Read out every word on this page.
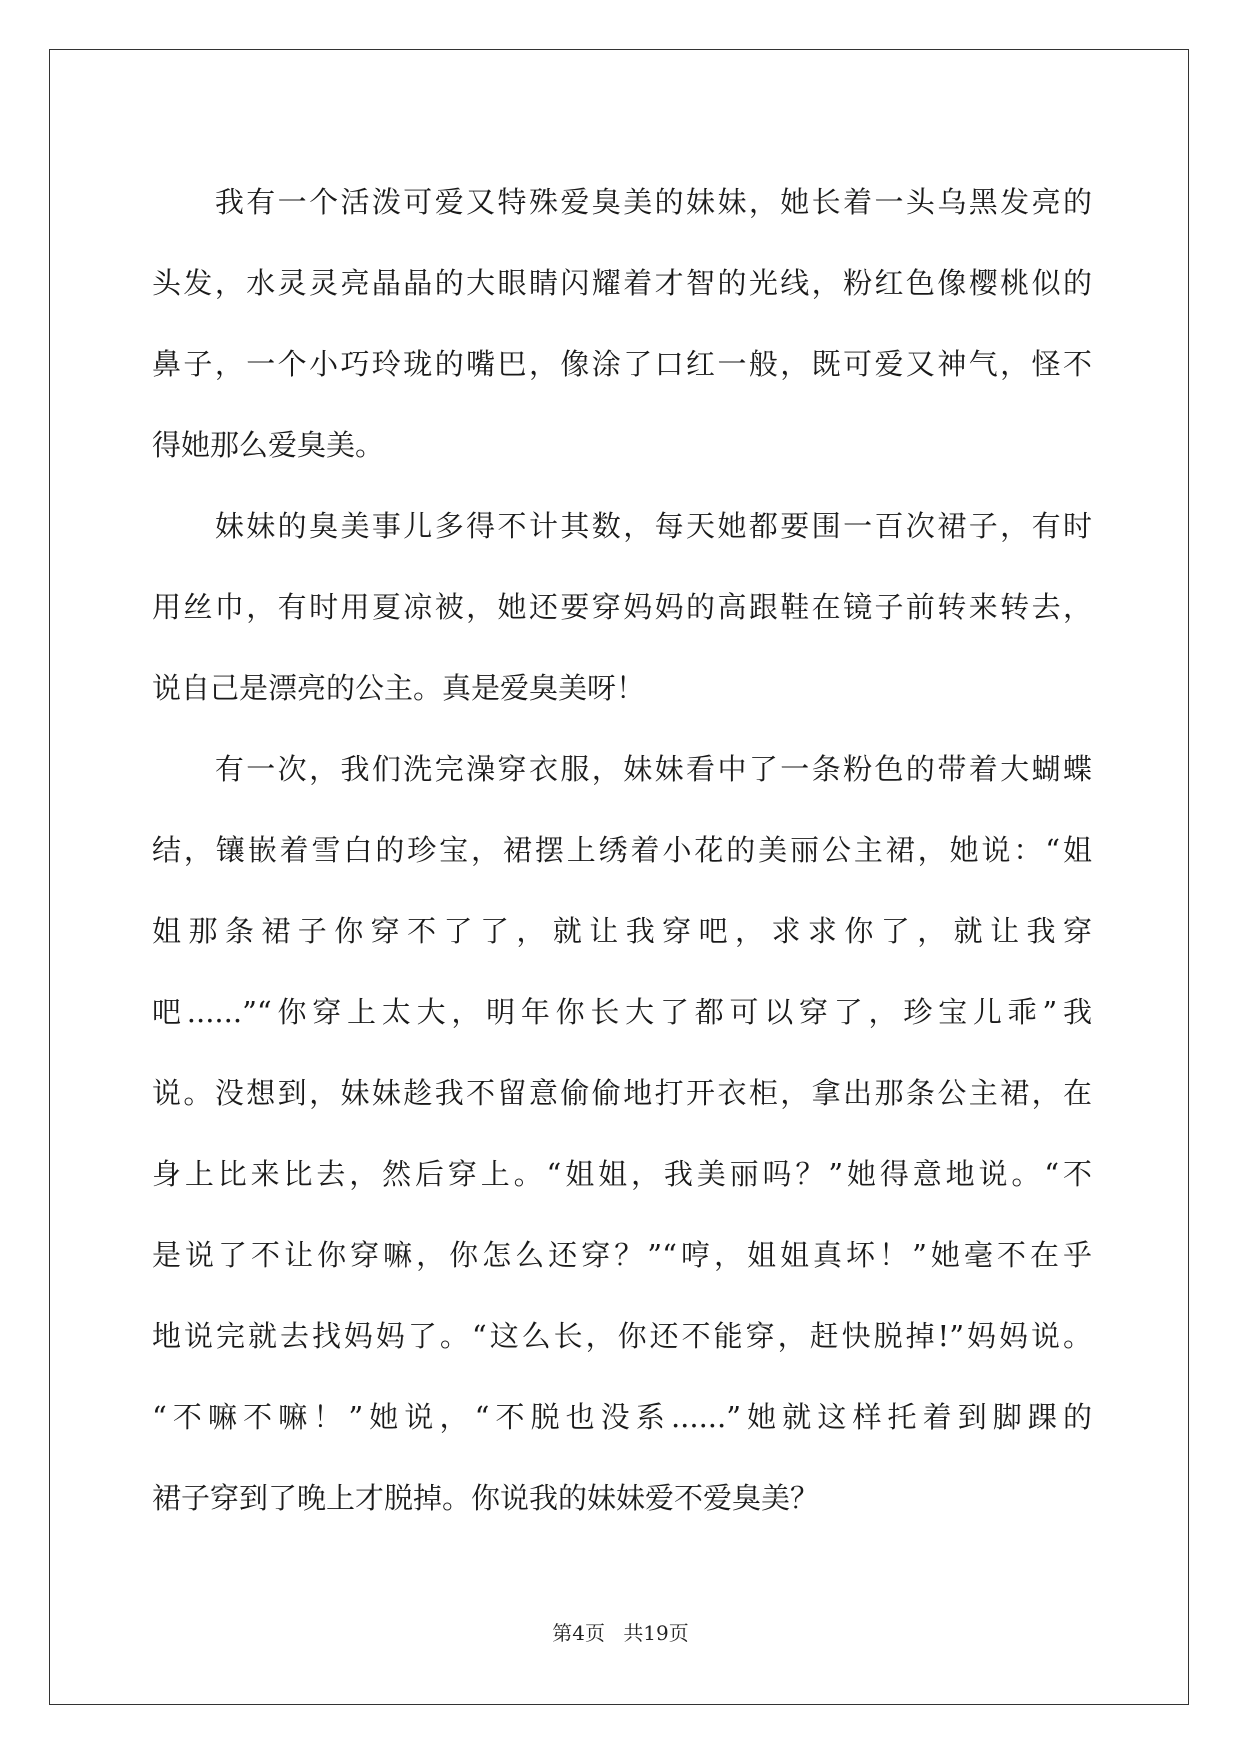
　　我有一个活泼可爱又特殊爱臭美的妹妹，她长着一头乌黑发亮的
头发，水灵灵亮晶晶的大眼睛闪耀着才智的光线，粉红色像樱桃似的
鼻子，一个小巧玲珑的嘴巴，像涂了口红一般，既可爱又神气，怪不
得她那么爱臭美。
　　妹妹的臭美事儿多得不计其数，每天她都要围一百次裙子，有时
用丝巾，有时用夏凉被，她还要穿妈妈的高跟鞋在镜子前转来转去，
说自己是漂亮的公主。真是爱臭美呀！
　　有一次，我们洗完澡穿衣服，妹妹看中了一条粉色的带着大蝴蝶
结，镶嵌着雪白的珍宝，裙摆上绣着小花的美丽公主裙，她说：“姐
姐那条裙子你穿不了了，就让我穿吧，求求你了，就让我穿
吧......”“你穿上太大，明年你长大了都可以穿了，珍宝儿乖”我
说。没想到，妹妹趁我不留意偷偷地打开衣柜，拿出那条公主裙，在
身上比来比去，然后穿上。“姐姐，我美丽吗？”她得意地说。“不
是说了不让你穿嘛，你怎么还穿？”“哼，姐姐真坏！”她毫不在乎
地说完就去找妈妈了。“这么长，你还不能穿，赶快脱掉!”妈妈说。
“不嘛不嘛！”她说，“不脱也没系......”她就这样托着到脚踝的
裙子穿到了晚上才脱掉。你说我的妹妹爱不爱臭美？
第4页 共19页
